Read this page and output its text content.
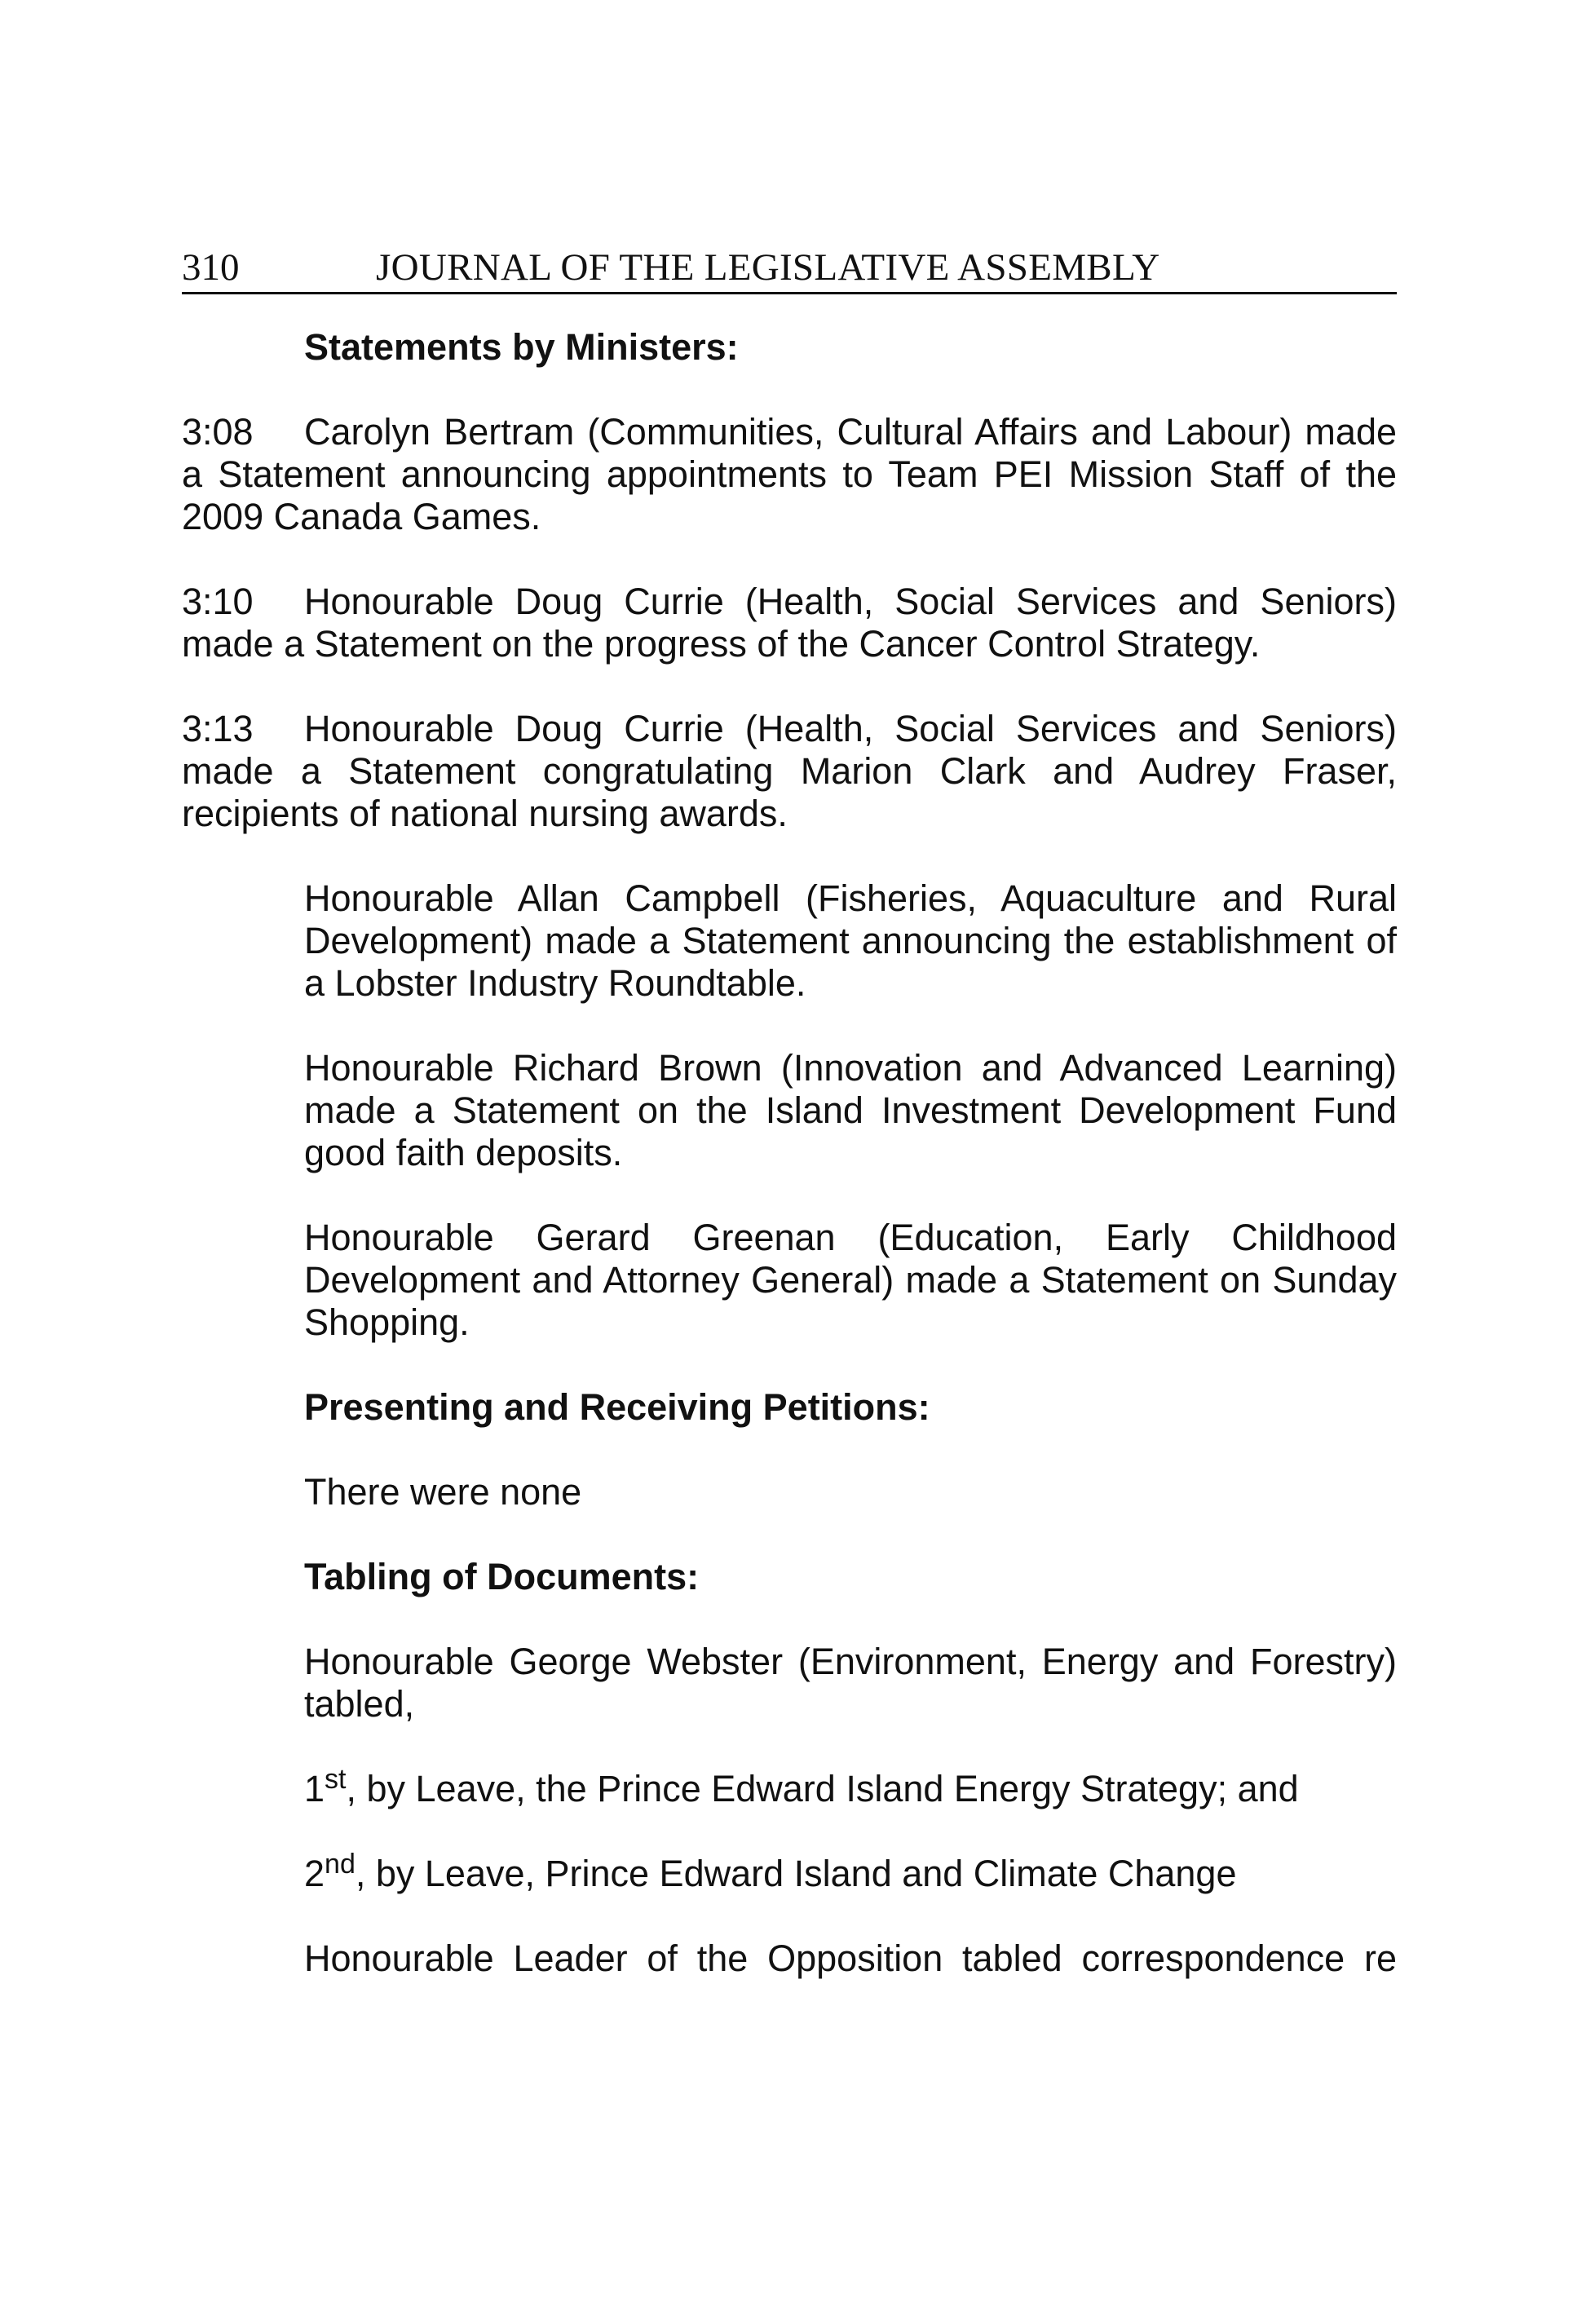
310	JOURNAL OF THE LEGISLATIVE ASSEMBLY

Statements by Ministers:

3:08 Carolyn Bertram (Communities, Cultural Affairs and Labour) made a Statement announcing appointments to Team PEI Mission Staff of the 2009 Canada Games.

3:10 Honourable Doug Currie (Health, Social Services and Seniors) made a Statement on the progress of the Cancer Control Strategy.

3:13 Honourable Doug Currie (Health, Social Services and Seniors) made a Statement congratulating Marion Clark and Audrey Fraser, recipients of national nursing awards.

Honourable Allan Campbell (Fisheries, Aquaculture and Rural Development) made a Statement announcing the establishment of a Lobster Industry Roundtable.

Honourable Richard Brown (Innovation and Advanced Learning) made a Statement on the Island Investment Development Fund good faith deposits.

Honourable Gerard Greenan (Education, Early Childhood Development and Attorney General) made a Statement on Sunday Shopping.

Presenting and Receiving Petitions:

There were none

Tabling of Documents:

Honourable George Webster (Environment, Energy and Forestry) tabled,

1st, by Leave, the Prince Edward Island Energy Strategy; and

2nd, by Leave, Prince Edward Island and Climate Change

Honourable Leader of the Opposition tabled correspondence re
